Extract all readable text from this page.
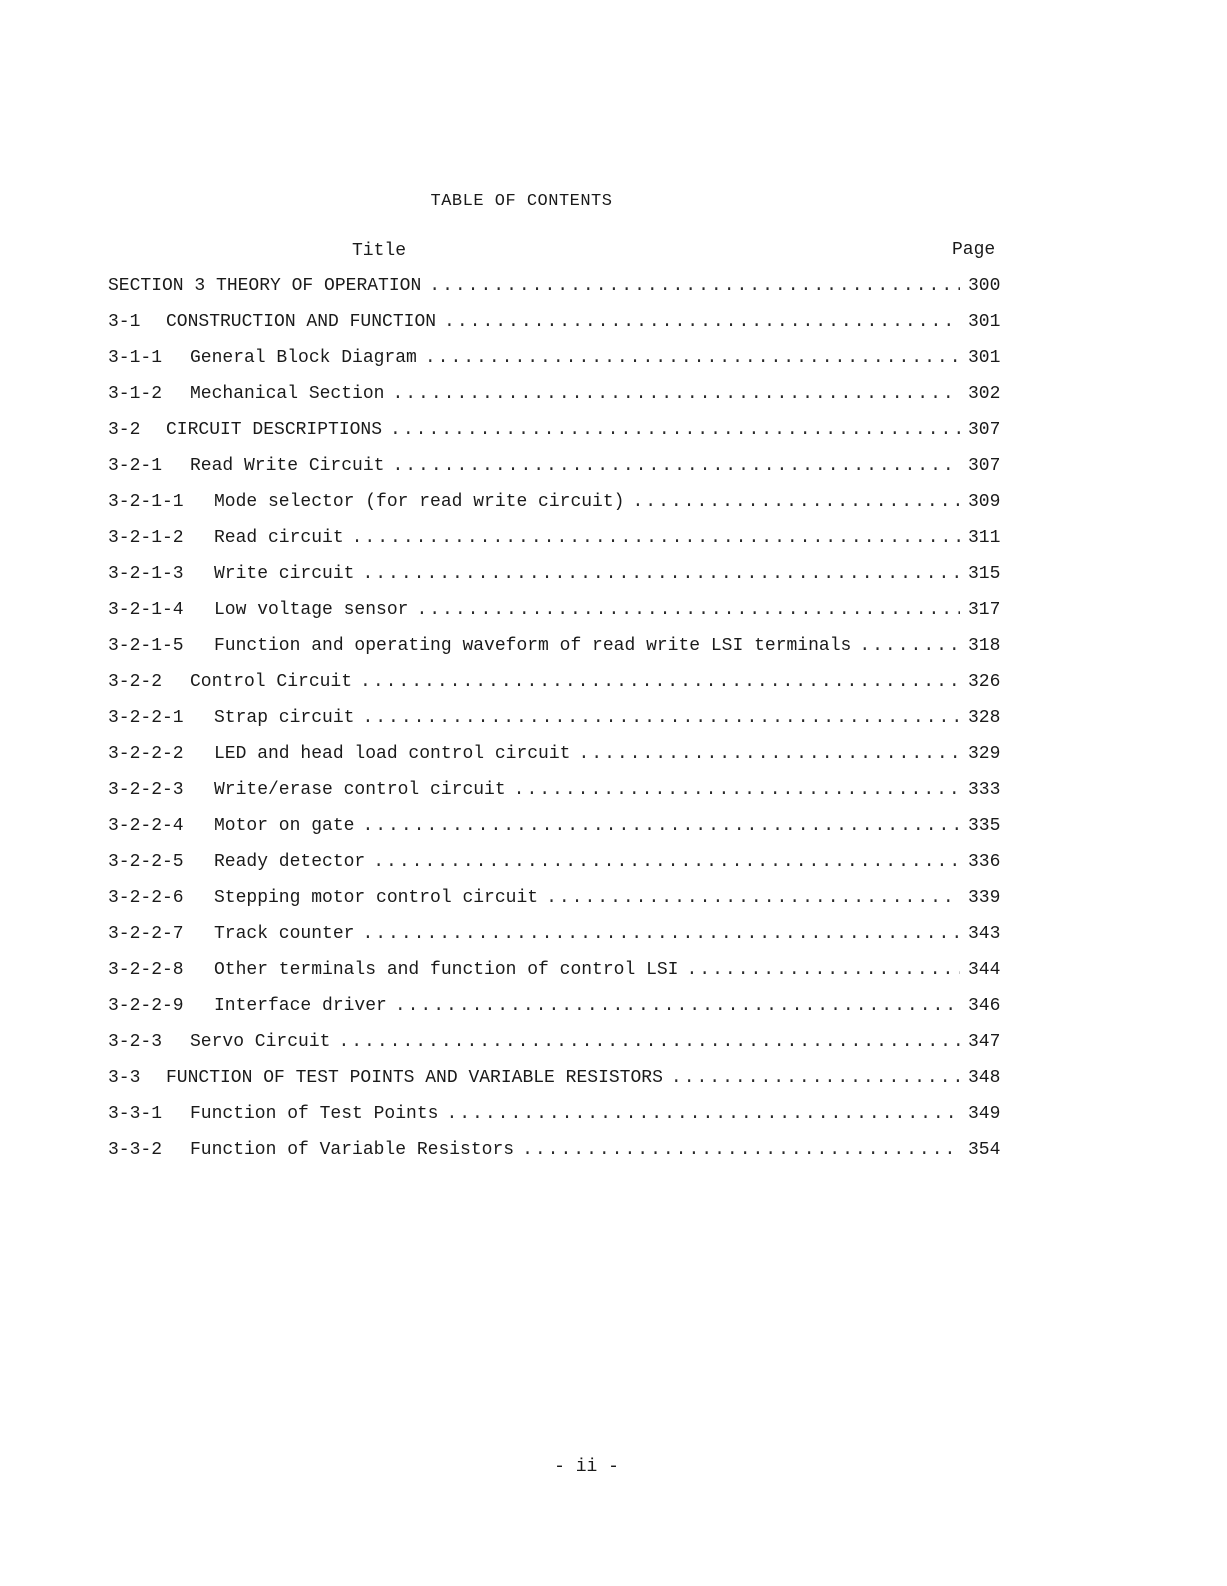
TABLE OF CONTENTS
Title	Page
SECTION 3 THEORY OF OPERATION .....	300
3-1	CONSTRUCTION AND FUNCTION .....	301
3-1-1	General Block Diagram .....	301
3-1-2	Mechanical Section .....	302
3-2	CIRCUIT DESCRIPTIONS .....	307
3-2-1	Read Write Circuit .....	307
3-2-1-1	Mode selector (for read write circuit) .....	309
3-2-1-2	Read circuit .....	311
3-2-1-3	Write circuit .....	315
3-2-1-4	Low voltage sensor .....	317
3-2-1-5	Function and operating waveform of read write LSI terminals .....	318
3-2-2	Control Circuit .....	326
3-2-2-1	Strap circuit .....	328
3-2-2-2	LED and head load control circuit .....	329
3-2-2-3	Write/erase control circuit .....	333
3-2-2-4	Motor on gate .....	335
3-2-2-5	Ready detector .....	336
3-2-2-6	Stepping motor control circuit .....	339
3-2-2-7	Track counter .....	343
3-2-2-8	Other terminals and function of control LSI .....	344
3-2-2-9	Interface driver .....	346
3-2-3	Servo Circuit .....	347
3-3	FUNCTION OF TEST POINTS AND VARIABLE RESISTORS .....	348
3-3-1	Function of Test Points .....	349
3-3-2	Function of Variable Resistors .....	354
- ii -
